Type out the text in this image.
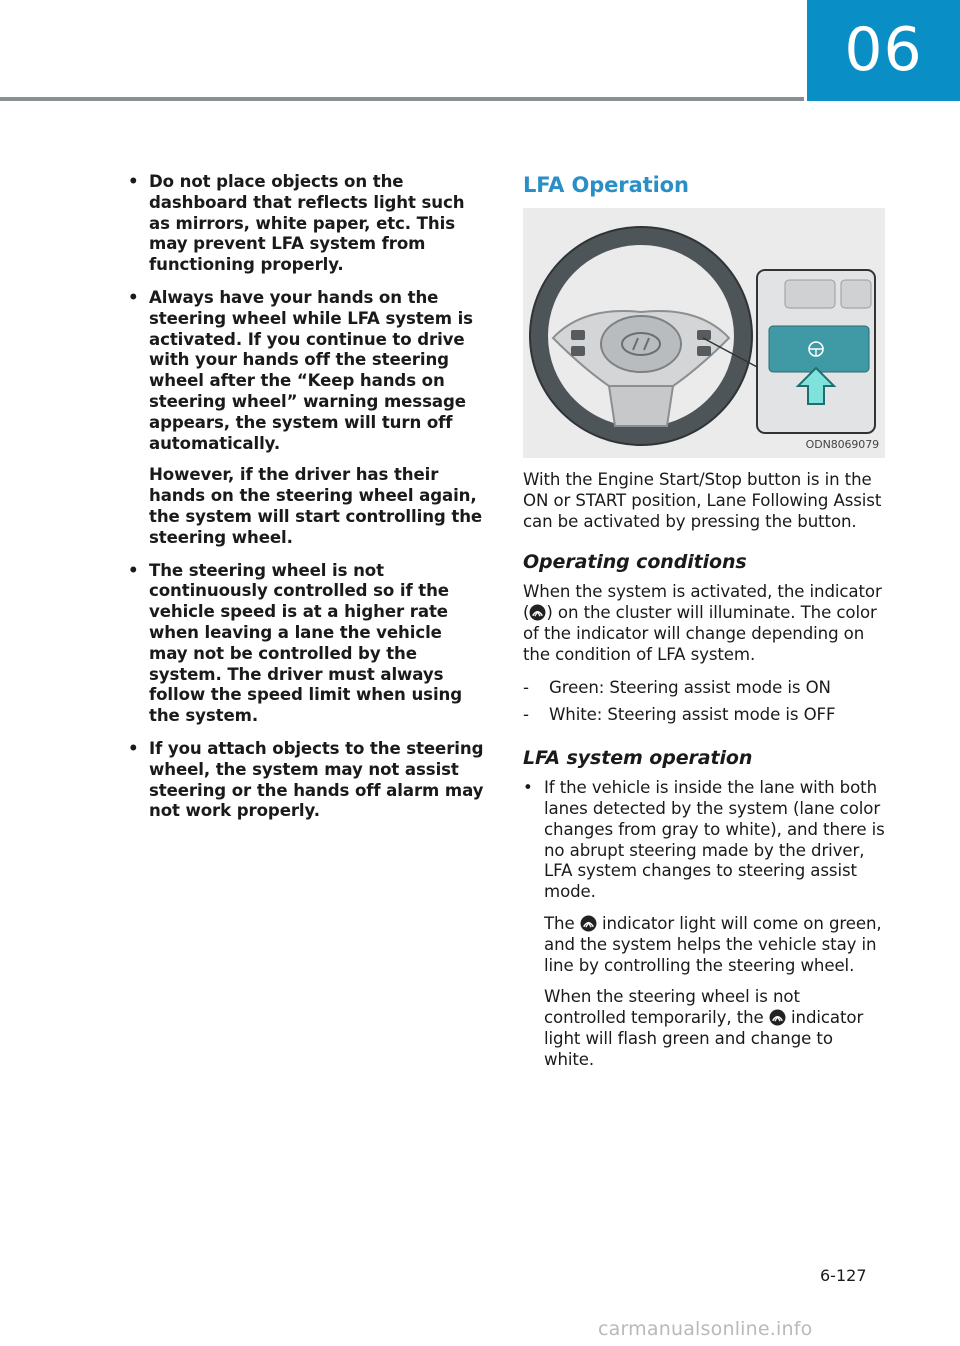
06
• Do not place objects on the dashboard that reflects light such as mirrors, white paper, etc. This may prevent LFA system from functioning properly.

• Always have your hands on the steering wheel while LFA system is activated. If you continue to drive with your hands off the steering wheel after the “Keep hands on steering wheel” warning message appears, the system will turn off automatically.

However, if the driver has their hands on the steering wheel again, the system will start controlling the steering wheel.

• The steering wheel is not continuously controlled so if the vehicle speed is at a higher rate when leaving a lane the vehicle may not be controlled by the system. The driver must always follow the speed limit when using the system.

• If you attach objects to the steering wheel, the system may not assist steering or the hands off alarm may not work properly.

LFA Operation
ODN8069079

With the Engine Start/Stop button is in the ON or START position, Lane Following Assist can be activated by pressing the button.

Operating conditions

When the system is activated, the indicator ( ) on the cluster will illuminate. The color of the indicator will change depending on the condition of LFA system.

- Green: Steering assist mode is ON
- White: Steering assist mode is OFF
LFA system operation
• If the vehicle is inside the lane with both lanes detected by the system (lane color changes from gray to white), and there is no abrupt steering made by the driver, LFA system changes to steering assist mode.

The indicator light will come on green, and the system helps the vehicle stay in line by controlling the steering wheel.

When the steering wheel is not controlled temporarily, the indicator light will flash green and change to white.

6-127
carmanualsonline.info
